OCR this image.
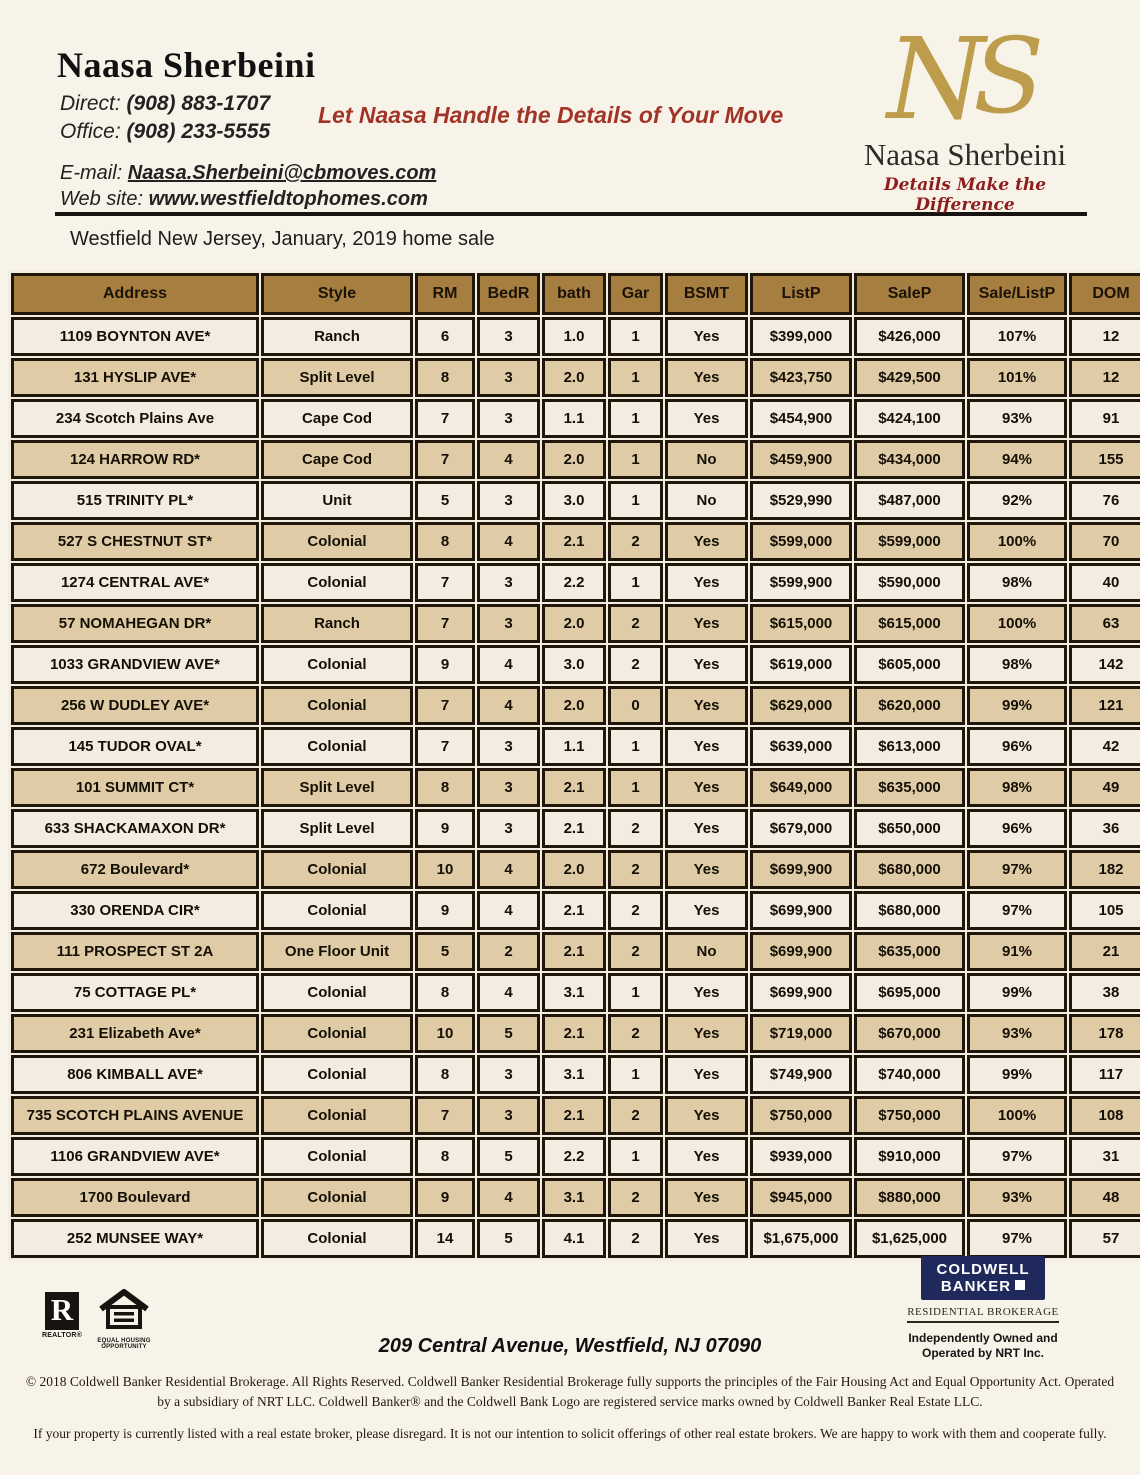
Naasa Sherbeini
Direct: (908) 883-1707
Office: (908) 233-5555
Let Naasa Handle the Details of Your Move
E-mail: Naasa.Sherbeini@cbmoves.com
Web site: www.westfieldtophomes.com
N
S
Naasa Sherbeini
Details Make the Difference
Westfield New Jersey, January, 2019 home sale
Address	Style	RM	BedR	bath	Gar	BSMT	ListP	SaleP	Sale/ListP	DOM
1109 BOYNTON AVE*	Ranch	6	3	1.0	1	Yes	$399,000	$426,000	107%	12
131 HYSLIP AVE*	Split Level	8	3	2.0	1	Yes	$423,750	$429,500	101%	12
234 Scotch Plains Ave	Cape Cod	7	3	1.1	1	Yes	$454,900	$424,100	93%	91
124 HARROW RD*	Cape Cod	7	4	2.0	1	No	$459,900	$434,000	94%	155
515 TRINITY PL*	Unit	5	3	3.0	1	No	$529,990	$487,000	92%	76
527 S CHESTNUT ST*	Colonial	8	4	2.1	2	Yes	$599,000	$599,000	100%	70
1274 CENTRAL AVE*	Colonial	7	3	2.2	1	Yes	$599,900	$590,000	98%	40
57 NOMAHEGAN DR*	Ranch	7	3	2.0	2	Yes	$615,000	$615,000	100%	63
1033 GRANDVIEW AVE*	Colonial	9	4	3.0	2	Yes	$619,000	$605,000	98%	142
256 W DUDLEY AVE*	Colonial	7	4	2.0	0	Yes	$629,000	$620,000	99%	121
145 TUDOR OVAL*	Colonial	7	3	1.1	1	Yes	$639,000	$613,000	96%	42
101 SUMMIT CT*	Split Level	8	3	2.1	1	Yes	$649,000	$635,000	98%	49
633 SHACKAMAXON DR*	Split Level	9	3	2.1	2	Yes	$679,000	$650,000	96%	36
672 Boulevard*	Colonial	10	4	2.0	2	Yes	$699,900	$680,000	97%	182
330 ORENDA CIR*	Colonial	9	4	2.1	2	Yes	$699,900	$680,000	97%	105
111 PROSPECT ST 2A	One Floor Unit	5	2	2.1	2	No	$699,900	$635,000	91%	21
75 COTTAGE PL*	Colonial	8	4	3.1	1	Yes	$699,900	$695,000	99%	38
231 Elizabeth Ave*	Colonial	10	5	2.1	2	Yes	$719,000	$670,000	93%	178
806 KIMBALL AVE*	Colonial	8	3	3.1	1	Yes	$749,900	$740,000	99%	117
735 SCOTCH PLAINS AVENUE	Colonial	7	3	2.1	2	Yes	$750,000	$750,000	100%	108
1106 GRANDVIEW AVE*	Colonial	8	5	2.2	1	Yes	$939,000	$910,000	97%	31
1700 Boulevard	Colonial	9	4	3.1	2	Yes	$945,000	$880,000	93%	48
252 MUNSEE WAY*	Colonial	14	5	4.1	2	Yes	$1,675,000	$1,625,000	97%	57
R
REALTOR®
EQUAL HOUSING OPPORTUNITY	209 Central Avenue, Westfield, NJ 07090
COLDWELL
BANKER
RESIDENTIAL BROKERAGE
Independently Owned and Operated by NRT Inc.
© 2018 Coldwell Banker Residential Brokerage. All Rights Reserved. Coldwell Banker Residential Brokerage fully supports the principles of the Fair Housing Act and Equal Opportunity Act. Operated by a subsidiary of NRT LLC. Coldwell Banker® and the Coldwell Bank Logo are registered service marks owned by Coldwell Banker Real Estate LLC.
If your property is currently listed with a real estate broker, please disregard. It is not our intention to solicit offerings of other real estate brokers. We are happy to work with them and cooperate fully.
